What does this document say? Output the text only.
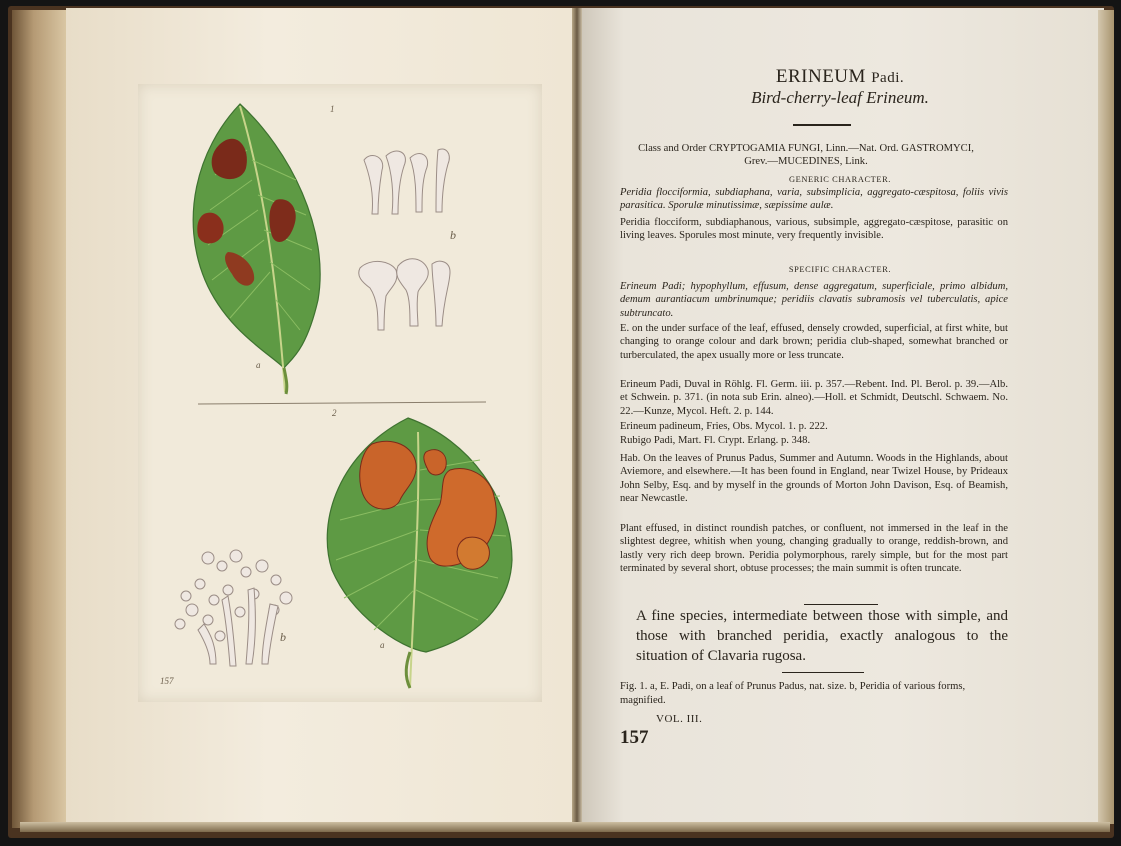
1
2
a
b
a
b
157
ERINEUM Padi.
Bird-cherry-leaf Erineum.
Class and Order CRYPTOGAMIA FUNGI, Linn.—Nat. Ord. GASTROMYCI,
Grev.—MUCEDINES, Link.
GENERIC CHARACTER.
Peridia flocciformia, subdiaphana, varia, subsimplicia, aggregato-cæspitosa, foliis vivis parasitica. Sporulæ minutissimæ, sæpissime aulæ.
Peridia flocciform, subdiaphanous, various, subsimple, aggregato-cæspitose, parasitic on living leaves. Sporules most minute, very frequently invisible.
SPECIFIC CHARACTER.
Erineum Padi; hypophyllum, effusum, dense aggregatum, superficiale, primo albidum, demum aurantiacum umbrinumque; peridiis clavatis subramosis vel tuberculatis, apice subtruncato.
E. on the under surface of the leaf, effused, densely crowded, superficial, at first white, but changing to orange colour and dark brown; peridia club-shaped, somewhat branched or turberculated, the apex usually more or less truncate.
Erineum Padi, Duval in Röhlg. Fl. Germ. iii. p. 357.—Rebent. Ind. Pl. Berol. p. 39.—Alb. et Schwein. p. 371. (in nota sub Erin. alneo).—Holl. et Schmidt, Deutschl. Schwaem. No. 22.—Kunze, Mycol. Heft. 2. p. 144.
Erineum padineum, Fries, Obs. Mycol. 1. p. 222.
Rubigo Padi, Mart. Fl. Crypt. Erlang. p. 348.
Hab. On the leaves of Prunus Padus, Summer and Autumn. Woods in the Highlands, about Aviemore, and elsewhere.—It has been found in England, near Twizel House, by Prideaux John Selby, Esq. and by myself in the grounds of Morton John Davison, Esq. of Beamish, near Newcastle.
Plant effused, in distinct roundish patches, or confluent, not immersed in the leaf in the slightest degree, whitish when young, changing gradually to orange, reddish-brown, and lastly very rich deep brown. Peridia polymorphous, rarely simple, but for the most part terminated by several short, obtuse processes; the main summit is often truncate.
A fine species, intermediate between those with simple, and those with branched peridia, exactly analogous to the situation of Clavaria rugosa.
Fig. 1. a, E. Padi, on a leaf of Prunus Padus, nat. size. b, Peridia of various forms, magnified.
VOL. III.
157
